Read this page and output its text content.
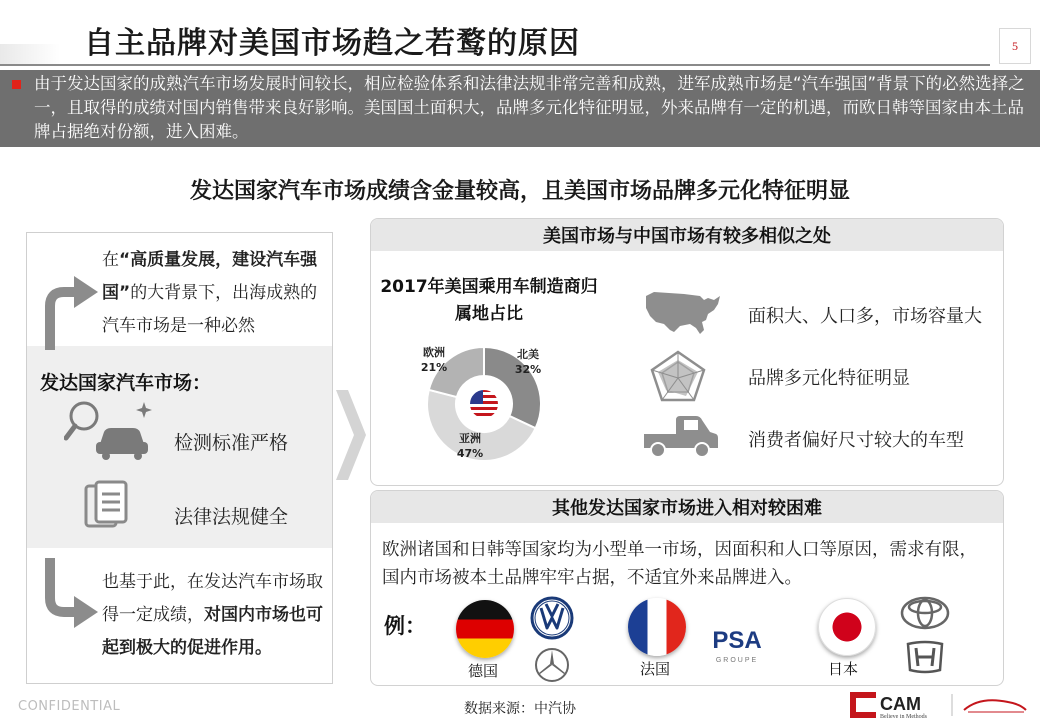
自主品牌对美国市场趋之若鹜的原因	5
由于发达国家的成熟汽车市场发展时间较长，相应检验体系和法律法规非常完善和成熟，进军成熟市场是“汽车强国”背景下的必然选择之一，且取得的成绩对国内销售带来良好影响。美国国土面积大，品牌多元化特征明显，外来品牌有一定的机遇，而欧日韩等国家由本土品牌占据绝对份额，进入困难。
发达国家汽车市场成绩含金量较高，且美国市场品牌多元化特征明显
在“高质量发展，建设汽车强国”的大背景下，出海成熟的汽车市场是一种必然
发达国家汽车市场：
检测标准严格
法律法规健全
也基于此，在发达汽车市场取得一定成绩，对国内市场也可起到极大的促进作用。
美国市场与中国市场有较多相似之处
2017年美国乘用车制造商归属地占比
北美
32%
亚洲
47%
欧洲
21%
面积大、人口多，市场容量大
品牌多元化特征明显
消费者偏好尺寸较大的车型
其他发达国家市场进入相对较困难
欧洲诸国和日韩等国家均为小型单一市场，因面积和人口等原因，需求有限，国内市场被本土品牌牢牢占据，不适宜外来品牌进入。
例：
德国	法国
PSA
GROUPE	日本
CONFIDENTIAL	数据来源：中汽协	CAM
Believe in Methods
